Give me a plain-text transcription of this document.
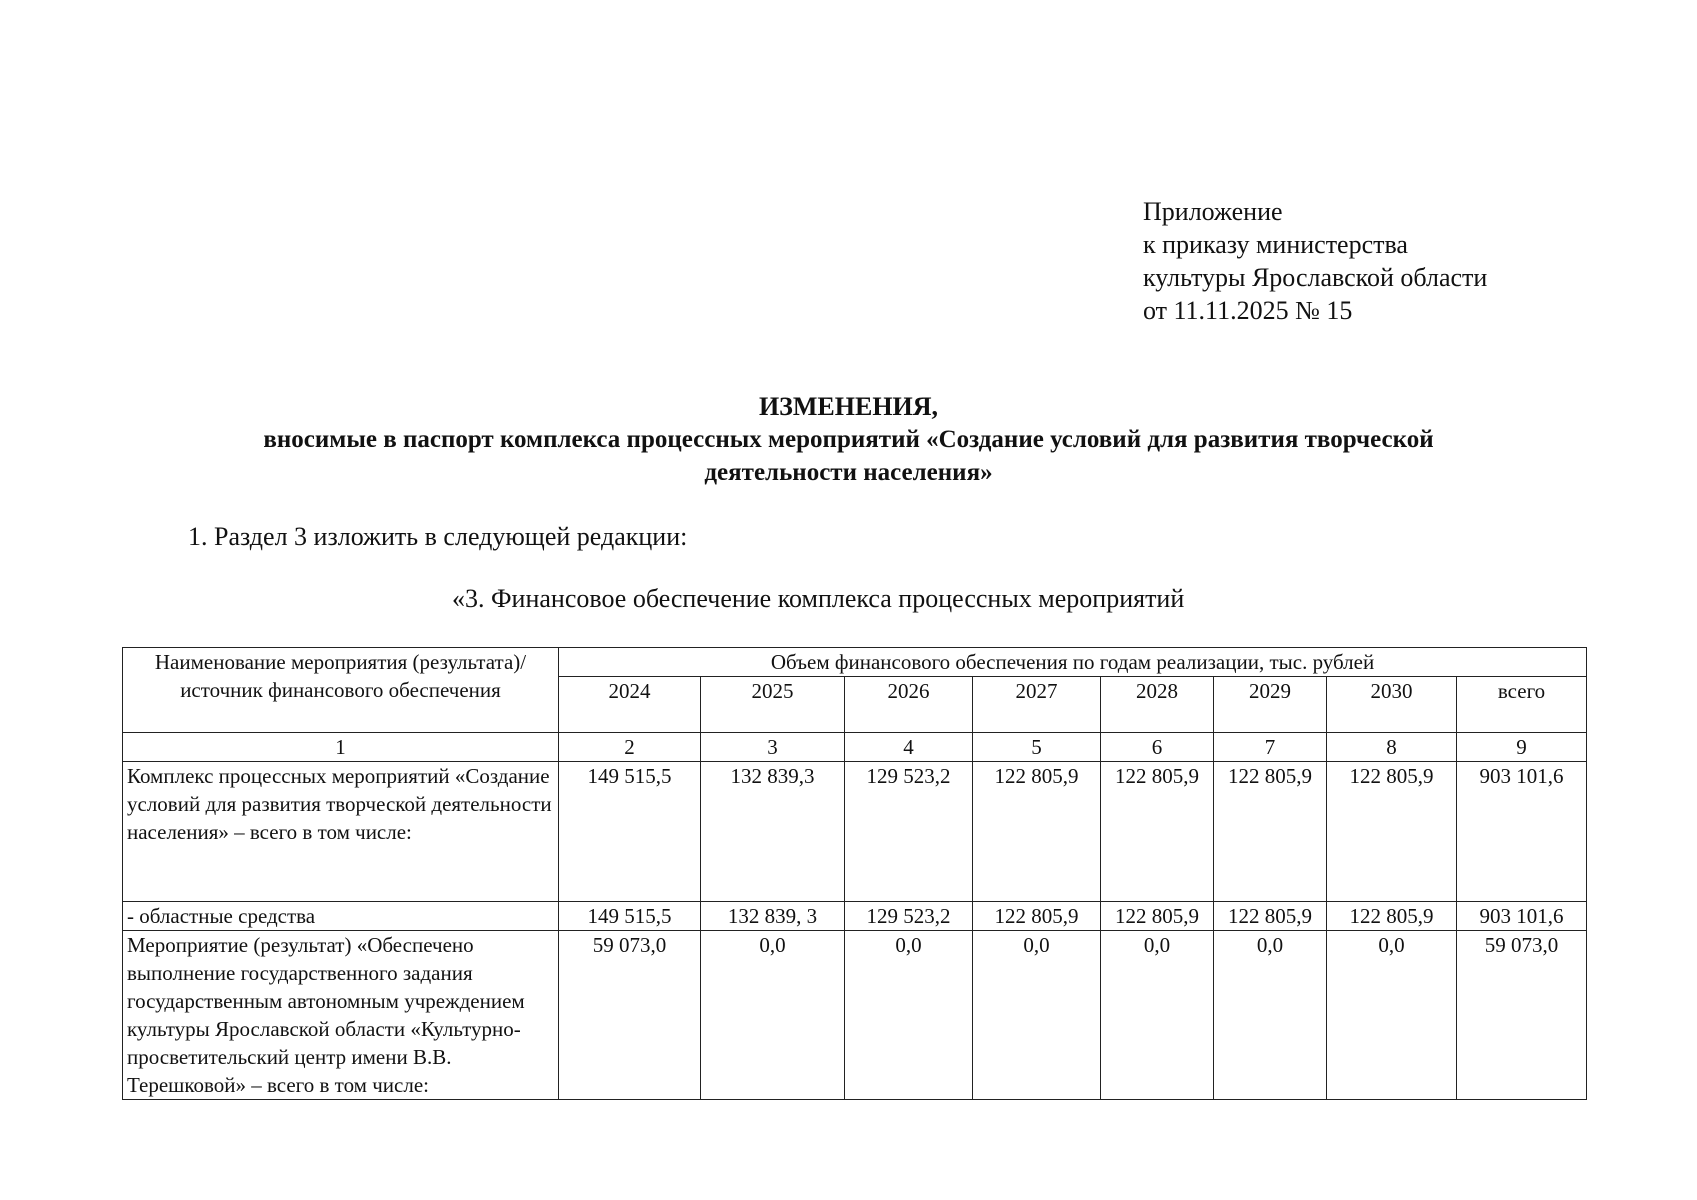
Приложение
к приказу министерства
культуры Ярославской области
от 11.11.2025 № 15
ИЗМЕНЕНИЯ,
вносимые в паспорт комплекса процессных мероприятий «Создание условий для развития творческой
деятельности населения»
1. Раздел 3 изложить в следующей редакции:
«3. Финансовое обеспечение комплекса процессных мероприятий
Наименование мероприятия (результата)/ источник финансового обеспечения	Объем финансового обеспечения по годам реализации, тыс. рублей							
	2024	2025	2026	2027	2028	2029	2030	всего
1	2	3	4	5	6	7	8	9
Комплекс процессных мероприятий «Создание условий для развития творческой деятельности населения» – всего в том числе:	149 515,5	132 839,3	129 523,2	122 805,9	122 805,9	122 805,9	122 805,9	903 101,6
- областные средства	149 515,5	132 839, 3	129 523,2	122 805,9	122 805,9	122 805,9	122 805,9	903 101,6
Мероприятие (результат) «Обеспечено выполнение государственного задания государственным автономным учреждением культуры Ярославской области «Культурно-просветительский центр имени В.В. Терешковой» – всего в том числе:	59 073,0	0,0	0,0	0,0	0,0	0,0	0,0	59 073,0
